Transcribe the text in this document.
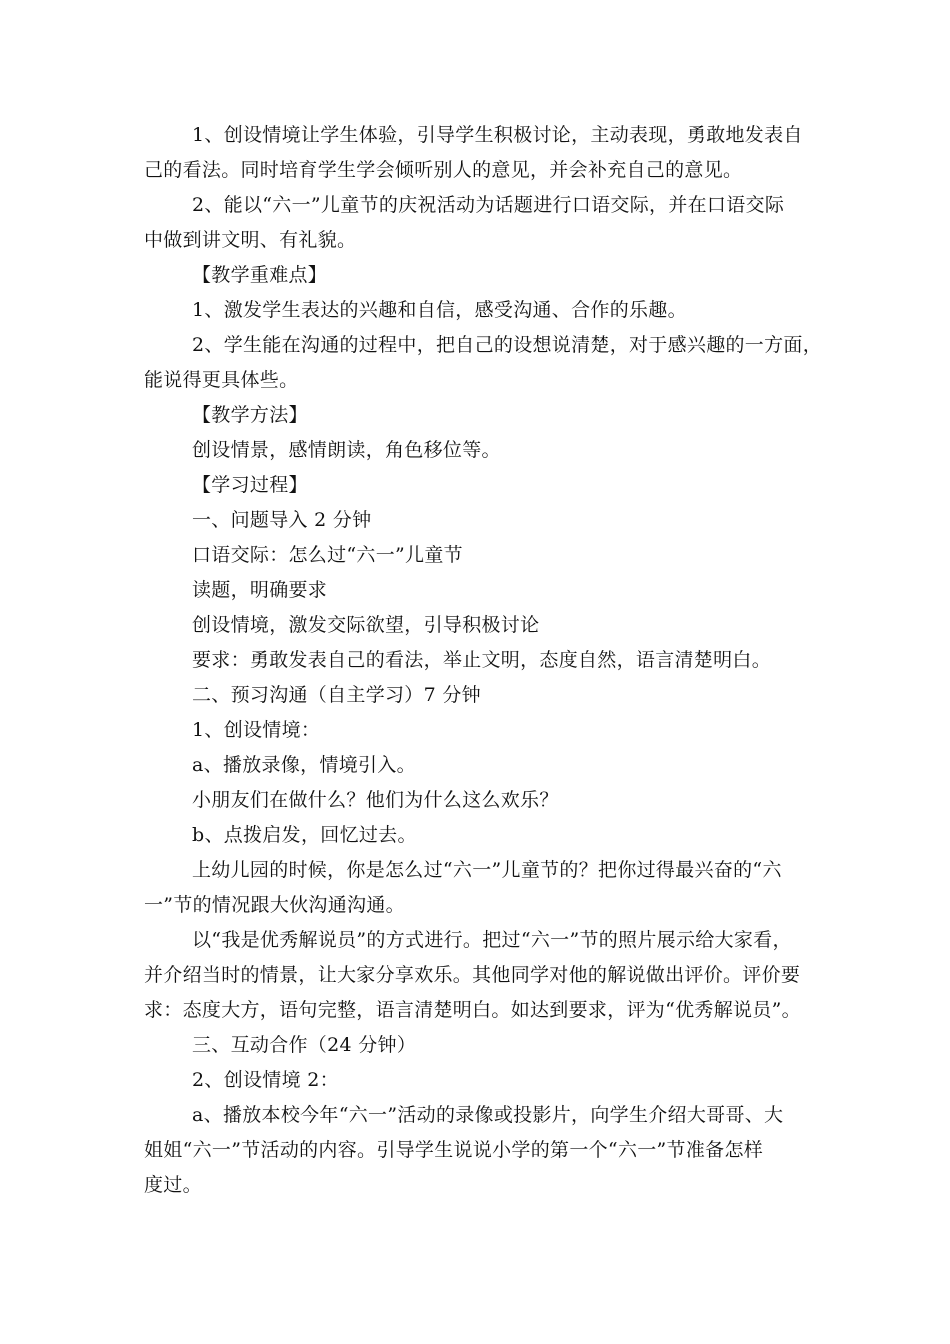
1、创设情境让学生体验，引导学生积极讨论，主动表现，勇敢地发表自
己的看法。同时培育学生学会倾听别人的意见，并会补充自己的意见。
2、能以“六一”儿童节的庆祝活动为话题进行口语交际，并在口语交际
中做到讲文明、有礼貌。
【教学重难点】
1、激发学生表达的兴趣和自信，感受沟通、合作的乐趣。
2、学生能在沟通的过程中，把自己的设想说清楚，对于感兴趣的一方面，
能说得更具体些。
【教学方法】
创设情景，感情朗读，角色移位等。
【学习过程】
一、问题导入 2 分钟
口语交际：怎么过“六一”儿童节
读题，明确要求
创设情境，激发交际欲望，引导积极讨论
要求：勇敢发表自己的看法，举止文明，态度自然，语言清楚明白。
二、预习沟通（自主学习）7 分钟
1、创设情境：
a、播放录像，情境引入。
小朋友们在做什么？他们为什么这么欢乐？
b、点拨启发，回忆过去。
上幼儿园的时候，你是怎么过“六一”儿童节的？把你过得最兴奋的“六
一”节的情况跟大伙沟通沟通。
以“我是优秀解说员”的方式进行。把过“六一”节的照片展示给大家看，
并介绍当时的情景，让大家分享欢乐。其他同学对他的解说做出评价。评价要
求：态度大方，语句完整，语言清楚明白。如达到要求，评为“优秀解说员”。
三、互动合作（24 分钟）
2、创设情境 2：
a、播放本校今年“六一”活动的录像或投影片，向学生介绍大哥哥、大
姐姐“六一”节活动的内容。引导学生说说小学的第一个“六一”节准备怎样
度过。
